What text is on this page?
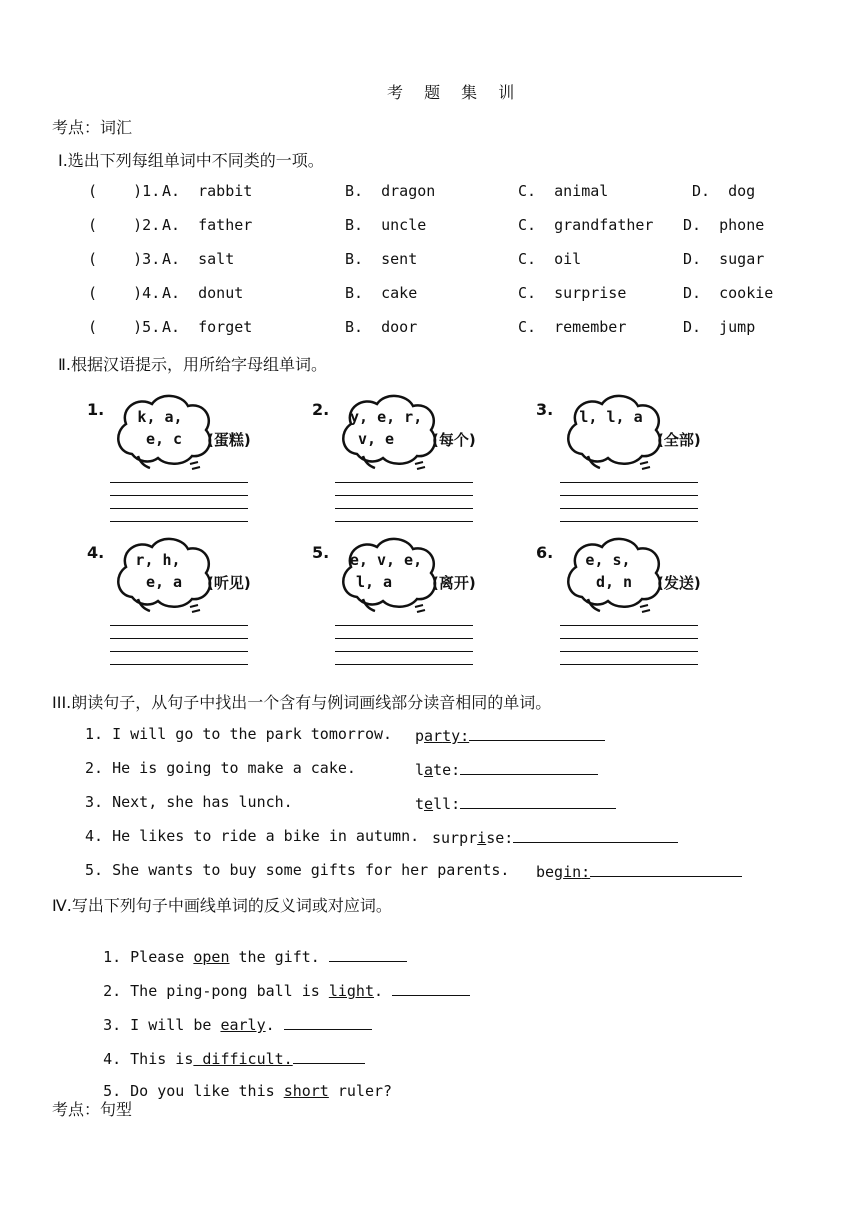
考 题 集 训
考点：词汇
Ⅰ.选出下列每组单词中不同类的一项。
(    )1. A.  rabbit	B.  dragon	C.  animal	D.  dog
(    )2. A.  father	B.  uncle	C.  grandfather D.  phone
(    )3. A.  salt	B.  sent	C.  oil	D.  sugar
(    )4. A.  donut	B.  cake	C.  surprise	D.  cookie
(    )5. A.  forget	B.  door	C.  remember	D.  jump
Ⅱ.根据汉语提示，用所给字母组单词。
1.	k, a,
e, c	(蛋糕)
2. y, e, r,
v, e	(每个)
3. l, l, a
(全部)
4.	r, h,
e, a	(听见)
5. e, v, e,
l, a	(离开)
6.	e, s,
d, n	(发送)
III.朗读句子，从句子中找出一个含有与例词画线部分读音相同的单词。
1. I will go to the park tomorrow. party:
2. He is going to make a cake.	late:
3. Next, she has lunch.	tell:
4. He likes to ride a bike in autumn. surprise:
5. She wants to buy some gifts for her parents. begin:
Ⅳ.写出下列句子中画线单词的反义词或对应词。

1. Please open the gift.

2. The ping-pong ball is light.

3. I will be early.

4. This is difficult.

5. Do you like this short ruler?

考点：句型
